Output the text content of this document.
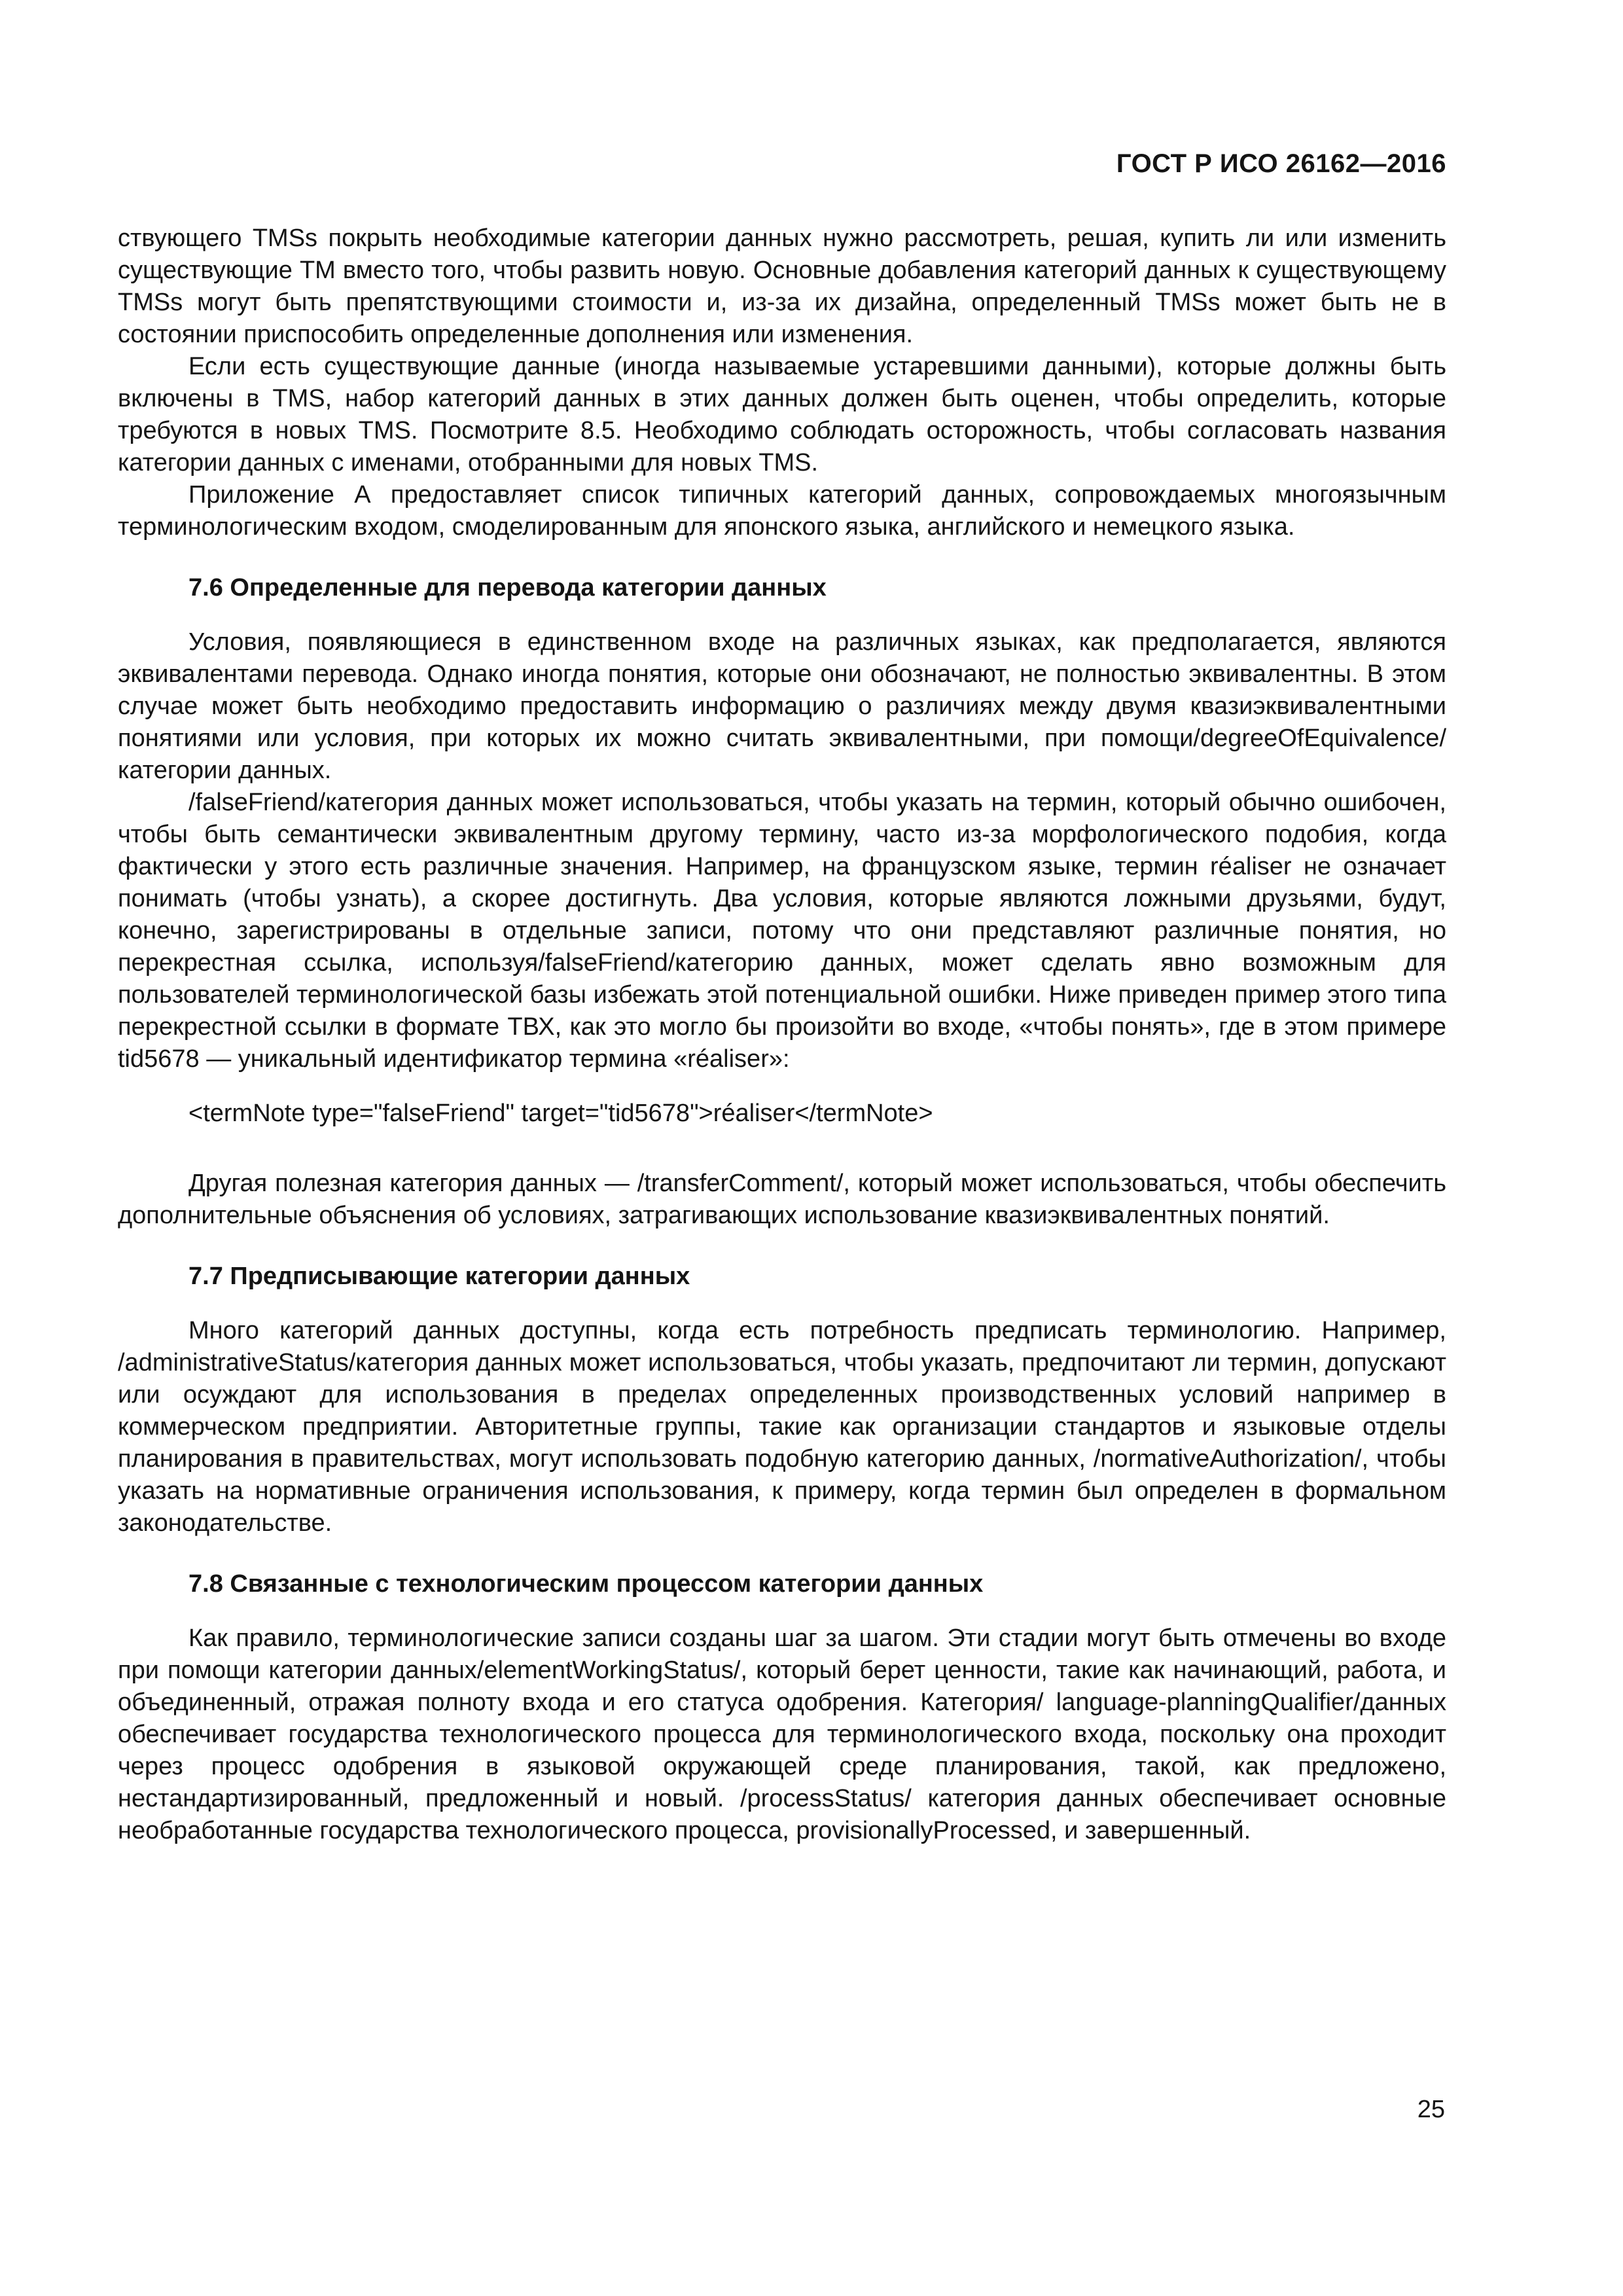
ГОСТ Р ИСО 26162—2016

ствующего TMSs покрыть необходимые категории данных нужно рассмотреть, решая, купить ли или изменить существующие ТМ вместо того, чтобы развить новую. Основные добавления категорий данных к существующему TMSs могут быть препятствующими стоимости и, из-за их дизайна, определенный TMSs может быть не в состоянии приспособить определенные дополнения или изменения.

Если есть существующие данные (иногда называемые устаревшими данными), которые должны быть включены в TMS, набор категорий данных в этих данных должен быть оценен, чтобы определить, которые требуются в новых TMS. Посмотрите 8.5. Необходимо соблюдать осторожность, чтобы согласовать названия категории данных с именами, отобранными для новых TMS.

Приложение А предоставляет список типичных категорий данных, сопровождаемых многоязычным терминологическим входом, смоделированным для японского языка, английского и немецкого языка.

7.6 Определенные для перевода категории данных

Условия, появляющиеся в единственном входе на различных языках, как предполагается, являются эквивалентами перевода. Однако иногда понятия, которые они обозначают, не полностью эквивалентны. В этом случае может быть необходимо предоставить информацию о различиях между двумя квазиэквивалентными понятиями или условия, при которых их можно считать эквивалентными, при помощи/degreeOfEquivalence/категории данных.

/falseFriend/категория данных может использоваться, чтобы указать на термин, который обычно ошибочен, чтобы быть семантически эквивалентным другому термину, часто из-за морфологического подобия, когда фактически у этого есть различные значения. Например, на французском языке, термин réaliser не означает понимать (чтобы узнать), а скорее достигнуть. Два условия, которые являются ложными друзьями, будут, конечно, зарегистрированы в отдельные записи, потому что они представляют различные понятия, но перекрестная ссылка, используя/falseFriend/категорию данных, может сделать явно возможным для пользователей терминологической базы избежать этой потенциальной ошибки. Ниже приведен пример этого типа перекрестной ссылки в формате ТВХ, как это могло бы произойти во входе, «чтобы понять», где в этом примере tid5678 — уникальный идентификатор термина «réaliser»:

<termNote type="falseFriend" target="tid5678">réaliser</termNote>

Другая полезная категория данных — /transferComment/, который может использоваться, чтобы обеспечить дополнительные объяснения об условиях, затрагивающих использование квазиэквивалентных понятий.

7.7 Предписывающие категории данных

Много категорий данных доступны, когда есть потребность предписать терминологию. Например, /administrativeStatus/категория данных может использоваться, чтобы указать, предпочитают ли термин, допускают или осуждают для использования в пределах определенных производственных условий например в коммерческом предприятии. Авторитетные группы, такие как организации стандартов и языковые отделы планирования в правительствах, могут использовать подобную категорию данных, /normativeAuthorization/, чтобы указать на нормативные ограничения использования, к примеру, когда термин был определен в формальном законодательстве.

7.8 Связанные с технологическим процессом категории данных

Как правило, терминологические записи созданы шаг за шагом. Эти стадии могут быть отмечены во входе при помощи категории данных/elementWorkingStatus/, который берет ценности, такие как начинающий, работа, и объединенный, отражая полноту входа и его статуса одобрения. Категория/ language-planningQualifier/данных обеспечивает государства технологического процесса для терминологического входа, поскольку она проходит через процесс одобрения в языковой окружающей среде планирования, такой, как предложено, нестандартизированный, предложенный и новый. /processStatus/ категория данных обеспечивает основные необработанные государства технологического процесса, provisionallyProcessed, и завершенный.

25
